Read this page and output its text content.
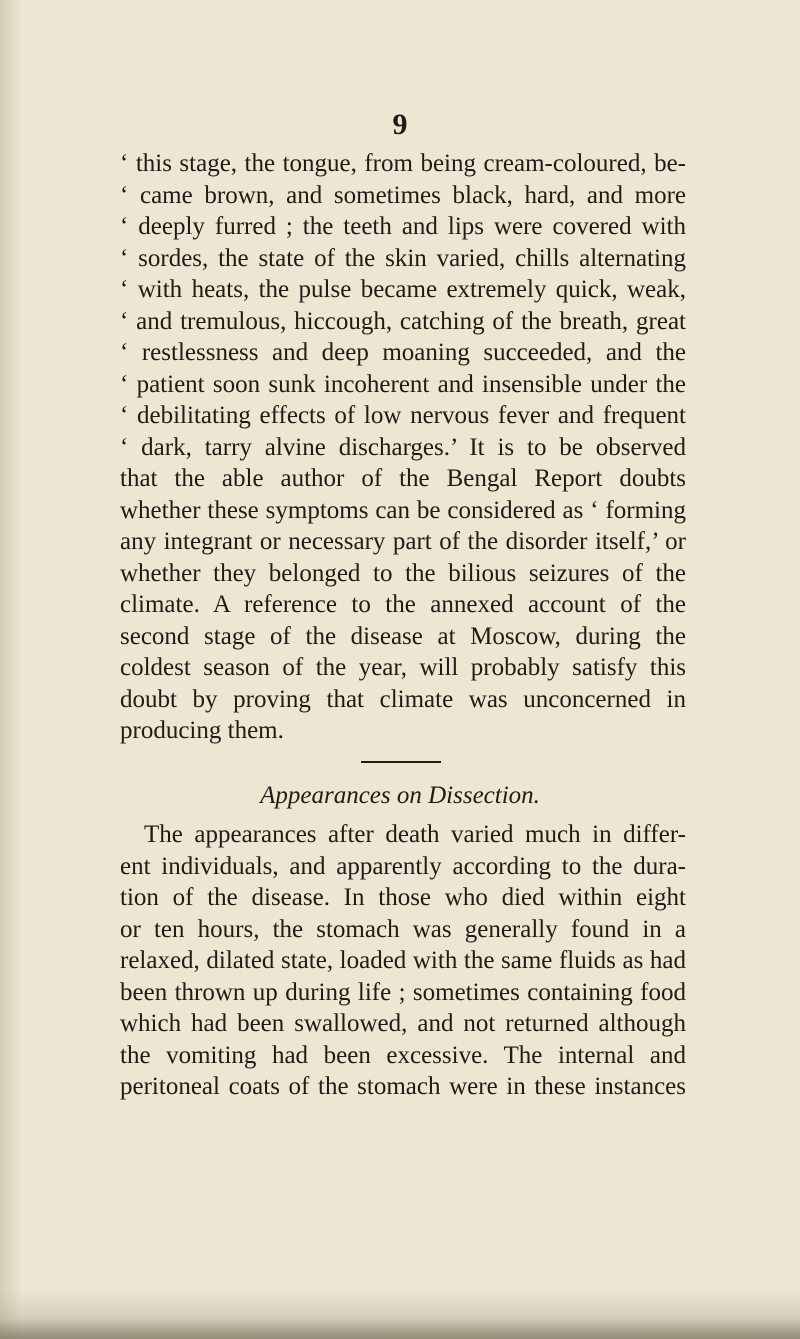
9
‘ this stage, the tongue, from being cream-coloured, be-
‘ came brown, and sometimes black, hard, and more
‘ deeply furred ; the teeth and lips were covered with
‘ sordes, the state of the skin varied, chills alternating
‘ with heats, the pulse became extremely quick, weak,
‘ and tremulous, hiccough, catching of the breath, great
‘ restlessness and deep moaning succeeded, and the
‘ patient soon sunk incoherent and insensible under the
‘ debilitating effects of low nervous fever and frequent
‘ dark, tarry alvine discharges.’ It is to be observed
that the able author of the Bengal Report doubts
whether these symptoms can be considered as ‘ forming
any integrant or necessary part of the disorder itself,’ or
whether they belonged to the bilious seizures of the
climate. A reference to the annexed account of the
second stage of the disease at Moscow, during the
coldest season of the year, will probably satisfy this
doubt by proving that climate was unconcerned in
producing them.
Appearances on Dissection.
The appearances after death varied much in differ-
ent individuals, and apparently according to the dura-
tion of the disease. In those who died within eight
or ten hours, the stomach was generally found in a
relaxed, dilated state, loaded with the same fluids as had
been thrown up during life ; sometimes containing food
which had been swallowed, and not returned although
the vomiting had been excessive. The internal and
peritoneal coats of the stomach were in these instances
